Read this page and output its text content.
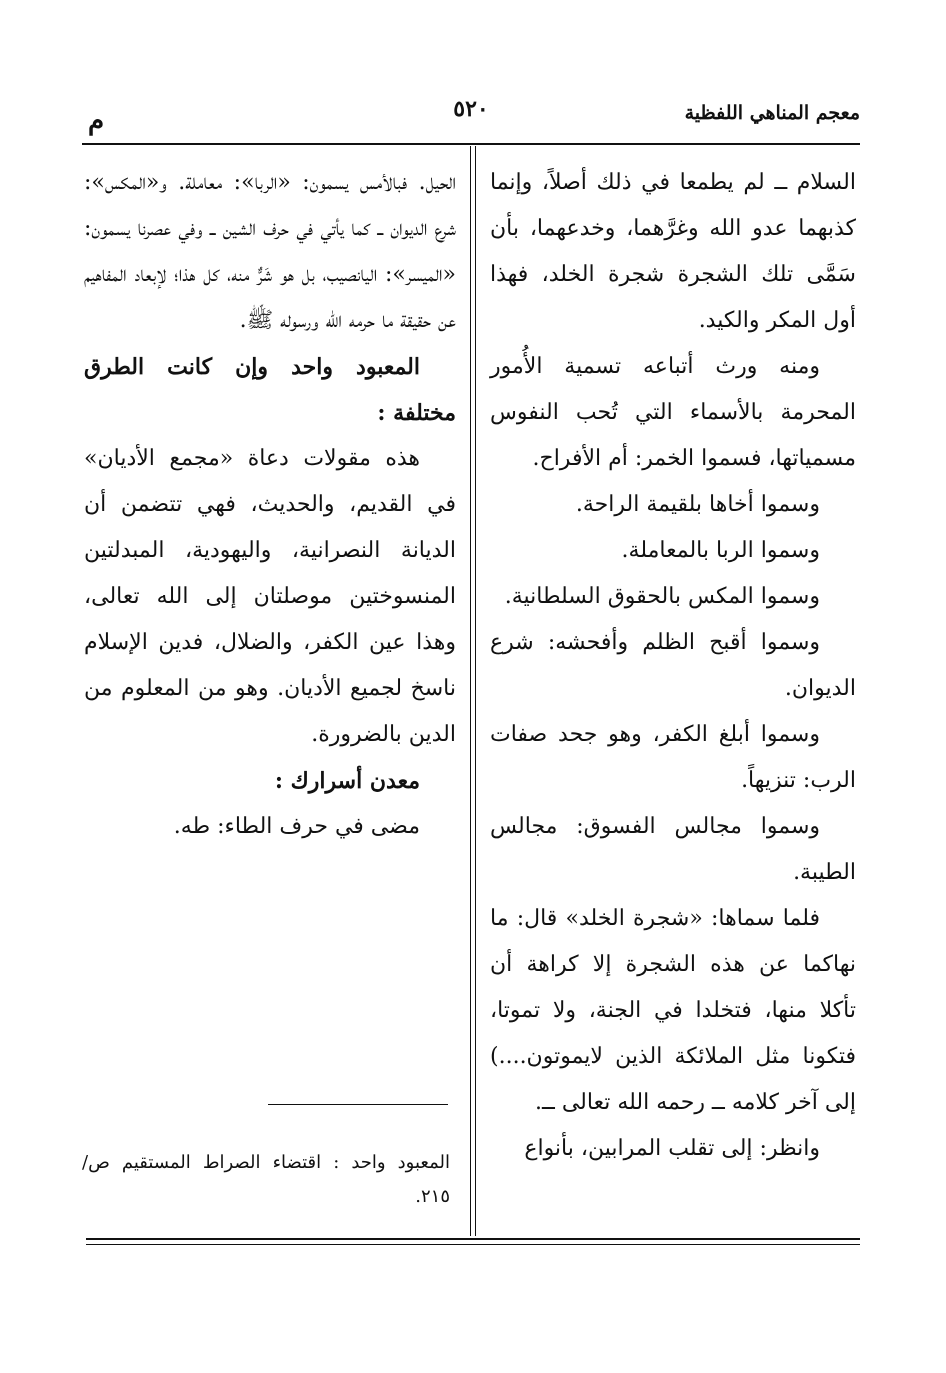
معجم المناهي اللفظية
٥٢٠
م

السلام ــ لم يطمعا في ذلك أصلاً، وإنما كذبهما عدو الله وغرَّهما، وخدعهما، بأن سَمَّى تلك الشجرة شجرة الخلد، فهذا أول المكر والكيد.

ومنه ورث أتباعه تسمية الأُمور المحرمة بالأسماء التي تُحب النفوس مسمياتها، فسموا الخمر: أم الأفراح.

وسموا أخاها بلقيمة الراحة.

وسموا الربا بالمعاملة.

وسموا المكس بالحقوق السلطانية.

وسموا أقبح الظلم وأفحشه: شرع الديوان.

وسموا أبلغ الكفر، وهو جحد صفات الرب: تنزيهاً.

وسموا مجالس الفسوق: مجالس الطيبة.

فلما سماها: «شجرة الخلد» قال: ما نهاكما عن هذه الشجرة إلا كراهة أن تأكلا منها، فتخلدا في الجنة، ولا تموتا، فتكونا مثل الملائكة الذين لايموتون....) إلى آخر كلامه ــ رحمه الله تعالى ــ.

وانظر: إلى تقلب المرابين، بأنواع

الحيل. فبالأمس يسمون: «الربا»: معاملة. و«المكس»: شرع الديوان ــ كما يأتي في حرف الشين ــ وفي عصرنا يسمون: «الميسر»: اليانصيب، بل هو شَرٌّ منه، كل هذا؛ لإبعاد المفاهيم عن حقيقة ما حرمه الله ورسوله ﷺ.

المعبود واحد وإن كانت الطرق مختلفة :

هذه مقولات دعاة «مجمع الأديان» في القديم، والحديث، فهي تتضمن أن الديانة النصرانية، واليهودية، المبدلتين المنسوختين موصلتان إلى الله تعالى، وهذا عين الكفر، والضلال، فدين الإسلام ناسخ لجميع الأديان. وهو من المعلوم من الدين بالضرورة.

معدن أسرارك :

مضى في حرف الطاء: طه.

المعبود واحد : اقتضاء الصراط المستقيم ص/ ٢١٥.
